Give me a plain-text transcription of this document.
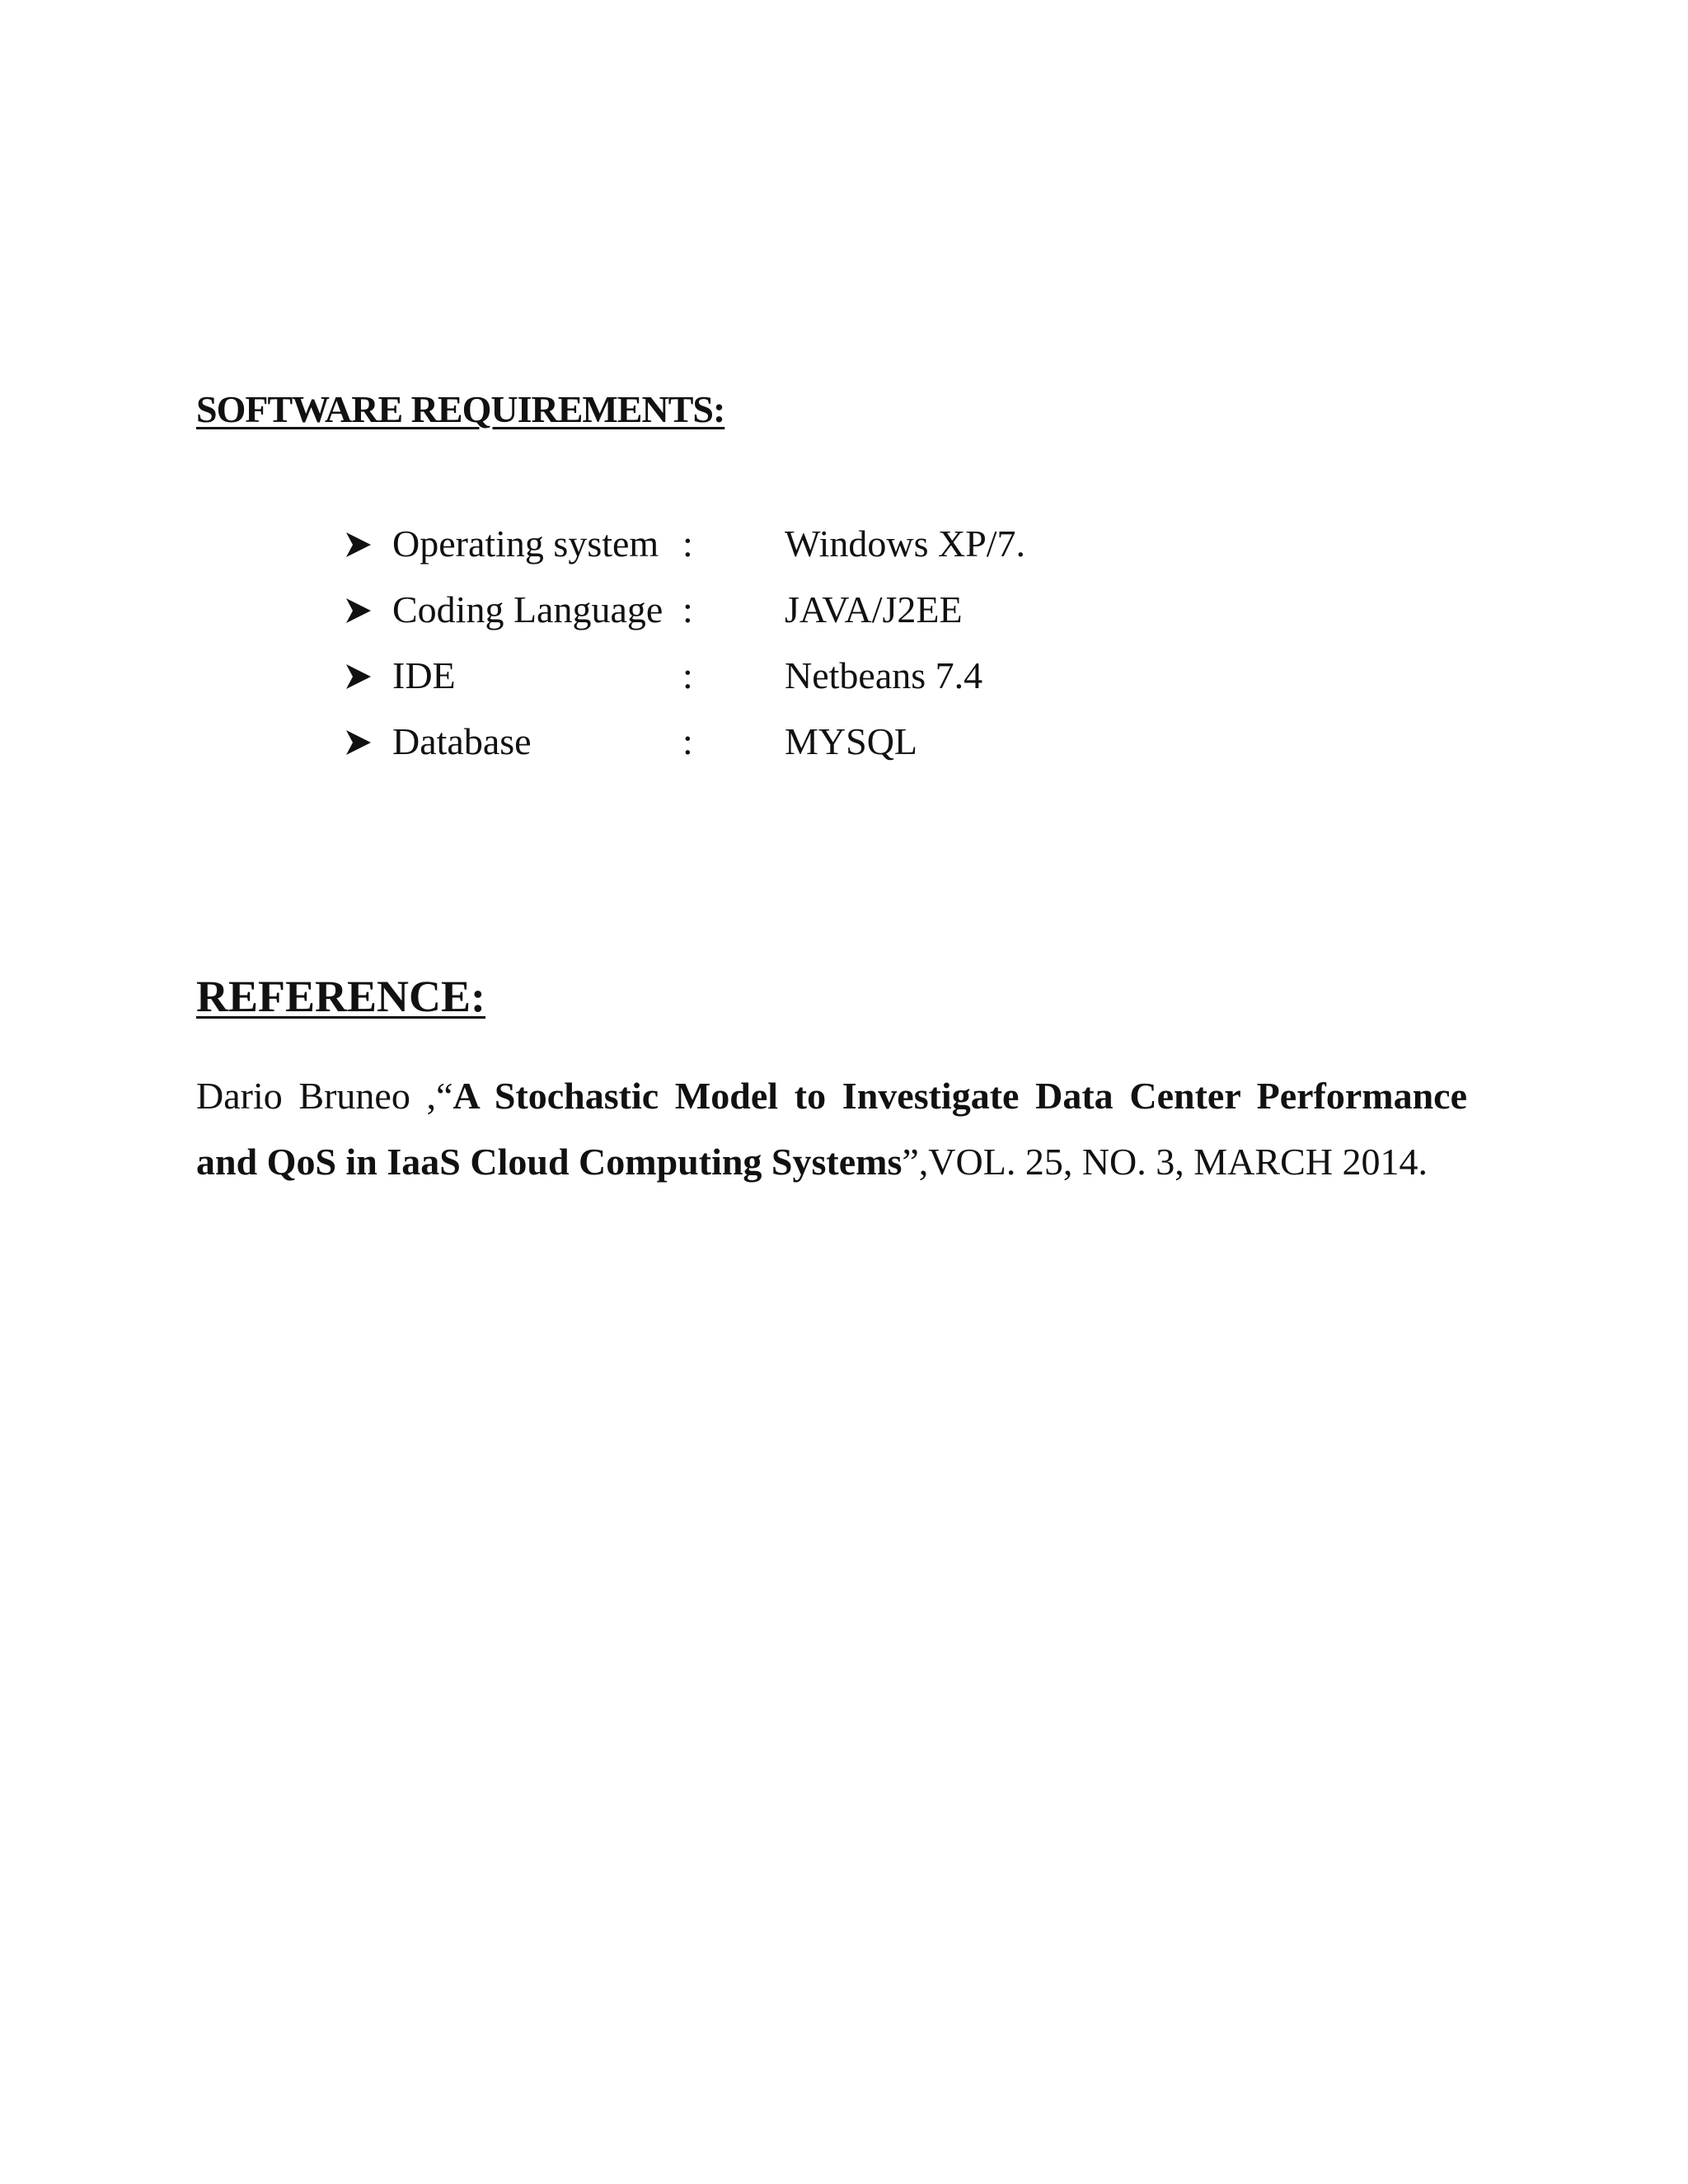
SOFTWARE REQUIREMENTS:
Operating system : Windows XP/7.
Coding Language : JAVA/J2EE
IDE	: Netbeans 7.4
Database	: MYSQL
REFERENCE:

Dario Bruneo ,“A Stochastic Model to Investigate Data Center Performance and QoS in IaaS Cloud Computing Systems”,VOL. 25, NO. 3, MARCH 2014.
